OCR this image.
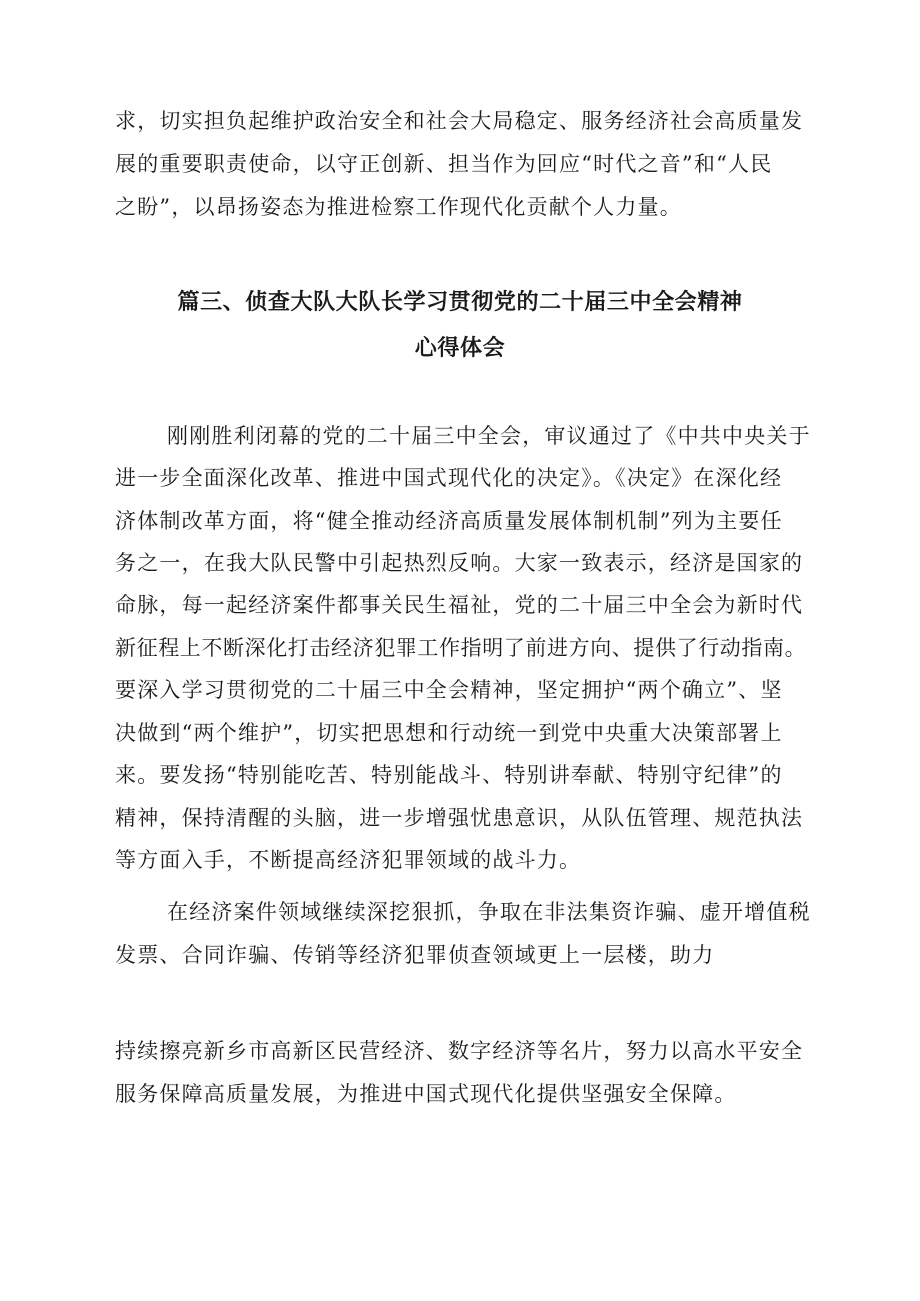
求，切实担负起维护政治安全和社会大局稳定、服务经济社会高质量发
展的重要职责使命，以守正创新、担当作为回应“时代之音”和“人民
之盼”，以昂扬姿态为推进检察工作现代化贡献个人力量。
篇三、侦查大队大队长学习贯彻党的二十届三中全会精神
心得体会
刚刚胜利闭幕的党的二十届三中全会，审议通过了《中共中央关于
进一步全面深化改革、推进中国式现代化的决定》。《决定》在深化经
济体制改革方面，将“健全推动经济高质量发展体制机制”列为主要任
务之一，在我大队民警中引起热烈反响。大家一致表示，经济是国家的
命脉，每一起经济案件都事关民生福祉，党的二十届三中全会为新时代
新征程上不断深化打击经济犯罪工作指明了前进方向、提供了行动指南。
要深入学习贯彻党的二十届三中全会精神，坚定拥护“两个确立”、坚
决做到“两个维护”，切实把思想和行动统一到党中央重大决策部署上
来。要发扬“特别能吃苦、特别能战斗、特别讲奉献、特别守纪律”的
精神，保持清醒的头脑，进一步增强忧患意识，从队伍管理、规范执法
等方面入手，不断提高经济犯罪领域的战斗力。
在经济案件领域继续深挖狠抓，争取在非法集资诈骗、虚开增值税
发票、合同诈骗、传销等经济犯罪侦查领域更上一层楼，助力
持续擦亮新乡市高新区民营经济、数字经济等名片，努力以高水平安全
服务保障高质量发展，为推进中国式现代化提供坚强安全保障。
